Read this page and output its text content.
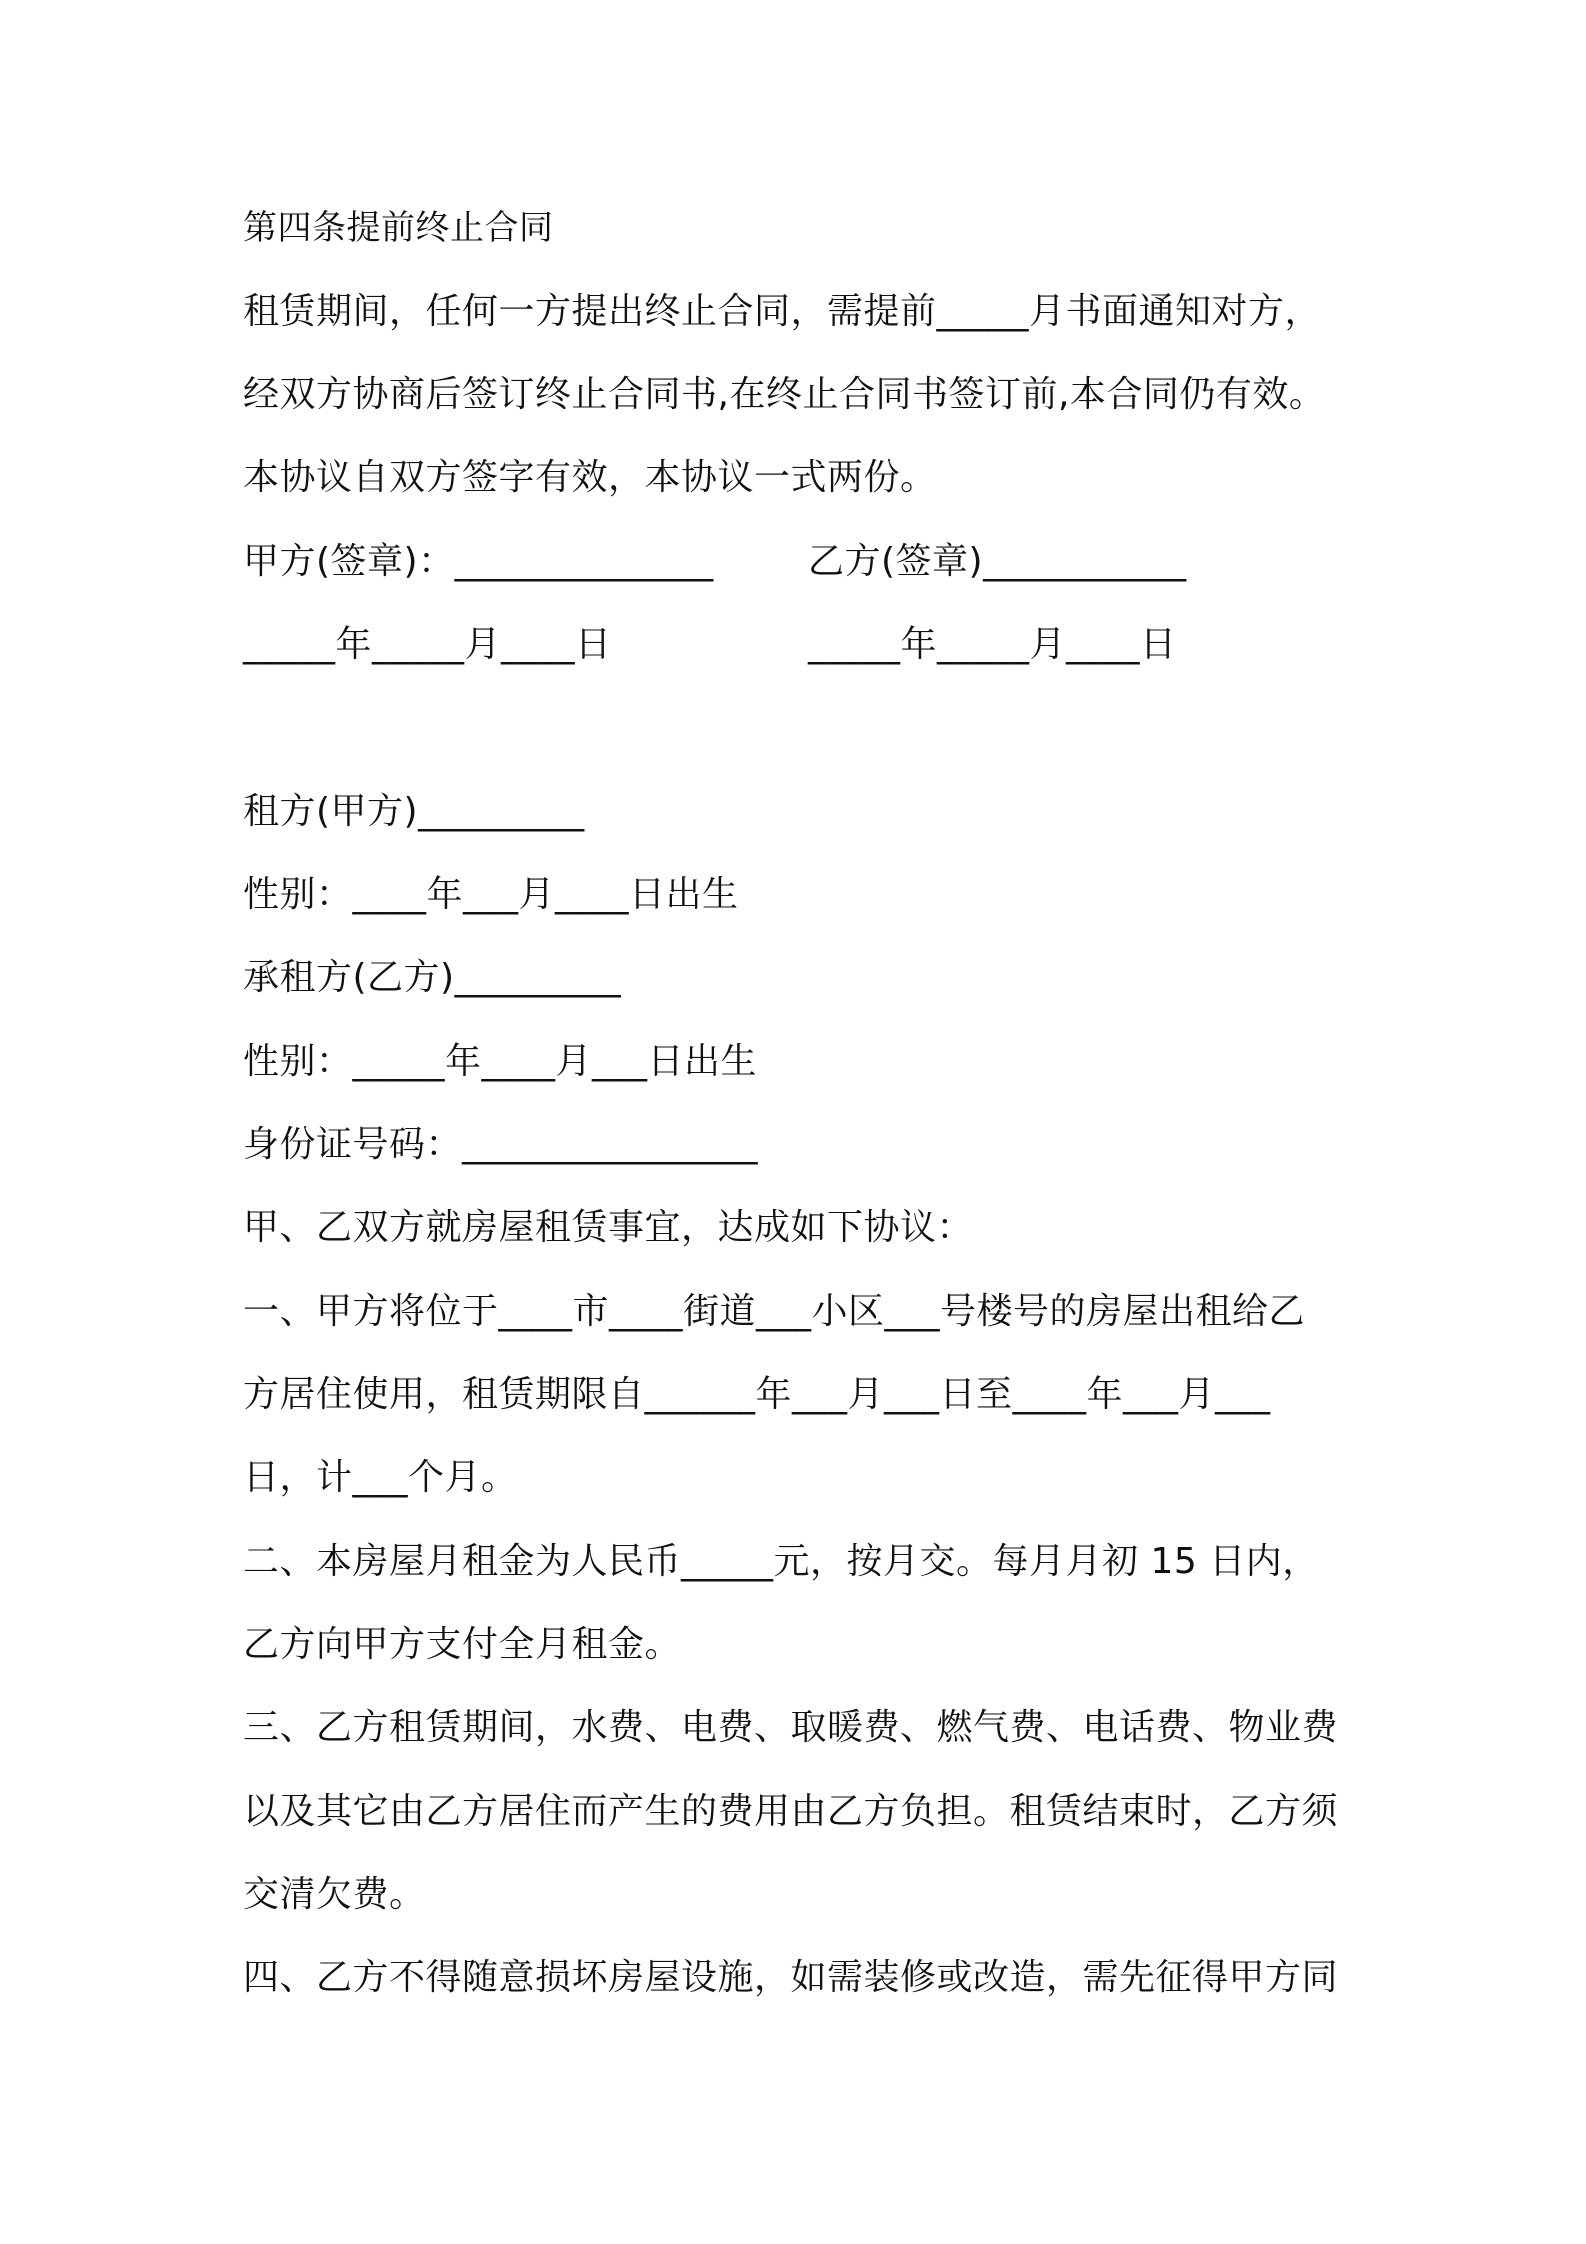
第四条提前终止合同
租赁期间，任何一方提出终止合同，需提前_____月书面通知对方，
经双方协商后签订终止合同书,在终止合同书签订前,本合同仍有效。
本协议自双方签字有效，本协议一式两份。
甲方(签章)：______________	乙方(签章)___________
_____年_____月____日	_____年_____月____日
租方(甲方)_________
性别：____年___月____日出生
承租方(乙方)_________
性别：_____年____月___日出生
身份证号码：________________
甲、乙双方就房屋租赁事宜，达成如下协议：
一、甲方将位于____市____街道___小区___号楼号的房屋出租给乙
方居住使用，租赁期限自______年___月___日至____年___月___
日，计___个月。
二、本房屋月租金为人民币_____元，按月交。每月月初 15 日内，
乙方向甲方支付全月租金。
三、乙方租赁期间，水费、电费、取暖费、燃气费、电话费、物业费
以及其它由乙方居住而产生的费用由乙方负担。租赁结束时，乙方须
交清欠费。
四、乙方不得随意损坏房屋设施，如需装修或改造，需先征得甲方同
